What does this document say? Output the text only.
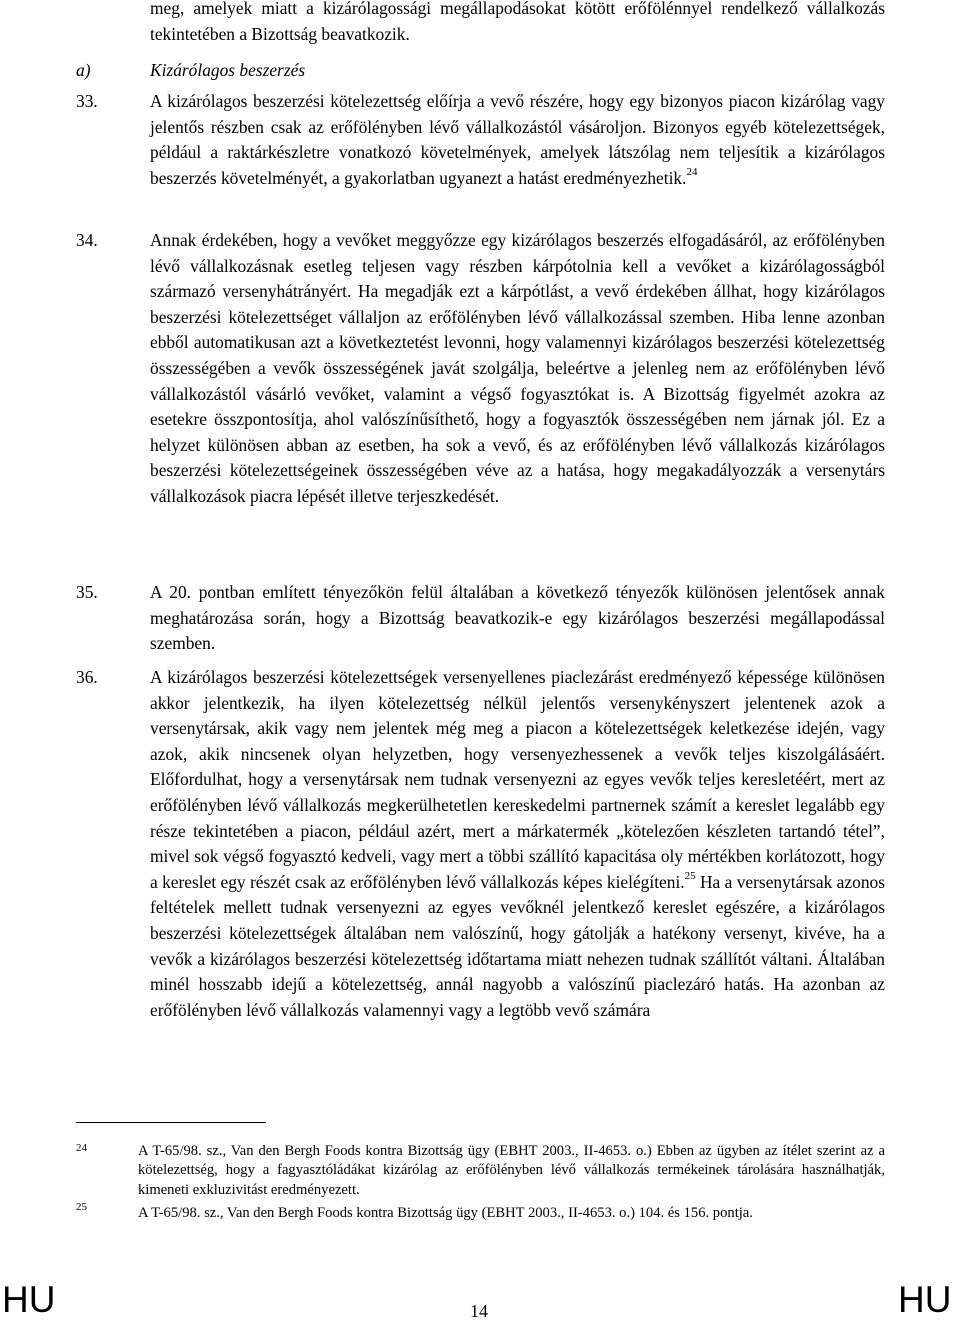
meg, amelyek miatt a kizárólagossági megállapodásokat kötött erőfölénnyel rendelkező vállalkozás tekintetében a Bizottság beavatkozik.
a)	Kizárólagos beszerzés
33.	A kizárólagos beszerzési kötelezettség előírja a vevő részére, hogy egy bizonyos piacon kizárólag vagy jelentős részben csak az erőfölényben lévő vállalkozástól vásároljon. Bizonyos egyéb kötelezettségek, például a raktárkészletre vonatkozó követelmények, amelyek látszólag nem teljesítik a kizárólagos beszerzés követelményét, a gyakorlatban ugyanezt a hatást eredményezhetik.$^{24}$
34.	Annak érdekében, hogy a vevőket meggyőzze egy kizárólagos beszerzés elfogadásáról, az erőfölényben lévő vállalkozásnak esetleg teljesen vagy részben kárpótolnia kell a vevőket a kizárólagosságból származó versenyhátrányért. Ha megadják ezt a kárpótlást, a vevő érdekében állhat, hogy kizárólagos beszerzési kötelezettséget vállaljon az erőfölényben lévő vállalkozással szemben. Hiba lenne azonban ebből automatikusan azt a következtetést levonni, hogy valamennyi kizárólagos beszerzési kötelezettség összességében a vevők összességének javát szolgálja, beleértve a jelenleg nem az erőfölényben lévő vállalkozástól vásárló vevőket, valamint a végső fogyasztókat is. A Bizottság figyelmét azokra az esetekre összpontosítja, ahol valószínűsíthető, hogy a fogyasztók összességében nem járnak jól. Ez a helyzet különösen abban az esetben, ha sok a vevő, és az erőfölényben lévő vállalkozás kizárólagos beszerzési kötelezettségeinek összességében véve az a hatása, hogy megakadályozzák a versenytárs vállalkozások piacra lépését illetve terjeszkedését.
35.	A 20. pontban említett tényezőkön felül általában a következő tényezők különösen jelentősek annak meghatározása során, hogy a Bizottság beavatkozik-e egy kizárólagos beszerzési megállapodással szemben.
36.	A kizárólagos beszerzési kötelezettségek versenyellenes piaclezárást eredményező képessége különösen akkor jelentkezik, ha ilyen kötelezettség nélkül jelentős versenykényszert jelentenek azok a versenytársak, akik vagy nem jelentek még meg a piacon a kötelezettségek keletkezése idején, vagy azok, akik nincsenek olyan helyzetben, hogy versenyezhessenek a vevők teljes kiszolgálásáért. Előfordulhat, hogy a versenytársak nem tudnak versenyezni az egyes vevők teljes keresletéért, mert az erőfölényben lévő vállalkozás megkerülhetetlen kereskedelmi partnernek számít a kereslet legalább egy része tekintetében a piacon, például azért, mert a márkatermék „kötelezően készleten tartandó tétel”, mivel sok végső fogyasztó kedveli, vagy mert a többi szállító kapacitása oly mértékben korlátozott, hogy a kereslet egy részét csak az erőfölényben lévő vállalkozás képes kielégíteni.$^{25}$ Ha a versenytársak azonos feltételek mellett tudnak versenyezni az egyes vevőknél jelentkező kereslet egészére, a kizárólagos beszerzési kötelezettségek általában nem valószínű, hogy gátolják a hatékony versenyt, kivéve, ha a vevők a kizárólagos beszerzési kötelezettség időtartama miatt nehezen tudnak szállítót váltani. Általában minél hosszabb idejű a kötelezettség, annál nagyobb a valószínű piaclezáró hatás. Ha azonban az erőfölényben lévő vállalkozás valamennyi vagy a legtöbb vevő számára
24	A T-65/98. sz., Van den Bergh Foods kontra Bizottság ügy (EBHT 2003., II-4653. o.) Ebben az ügyben az ítélet szerint az a kötelezettség, hogy a fagyasztóládákat kizárólag az erőfölényben lévő vállalkozás termékeinek tárolására használhatják, kimeneti exkluzivitást eredményezett.
25	A T-65/98. sz., Van den Bergh Foods kontra Bizottság ügy (EBHT 2003., II-4653. o.) 104. és 156. pontja.
HU	14	HU
